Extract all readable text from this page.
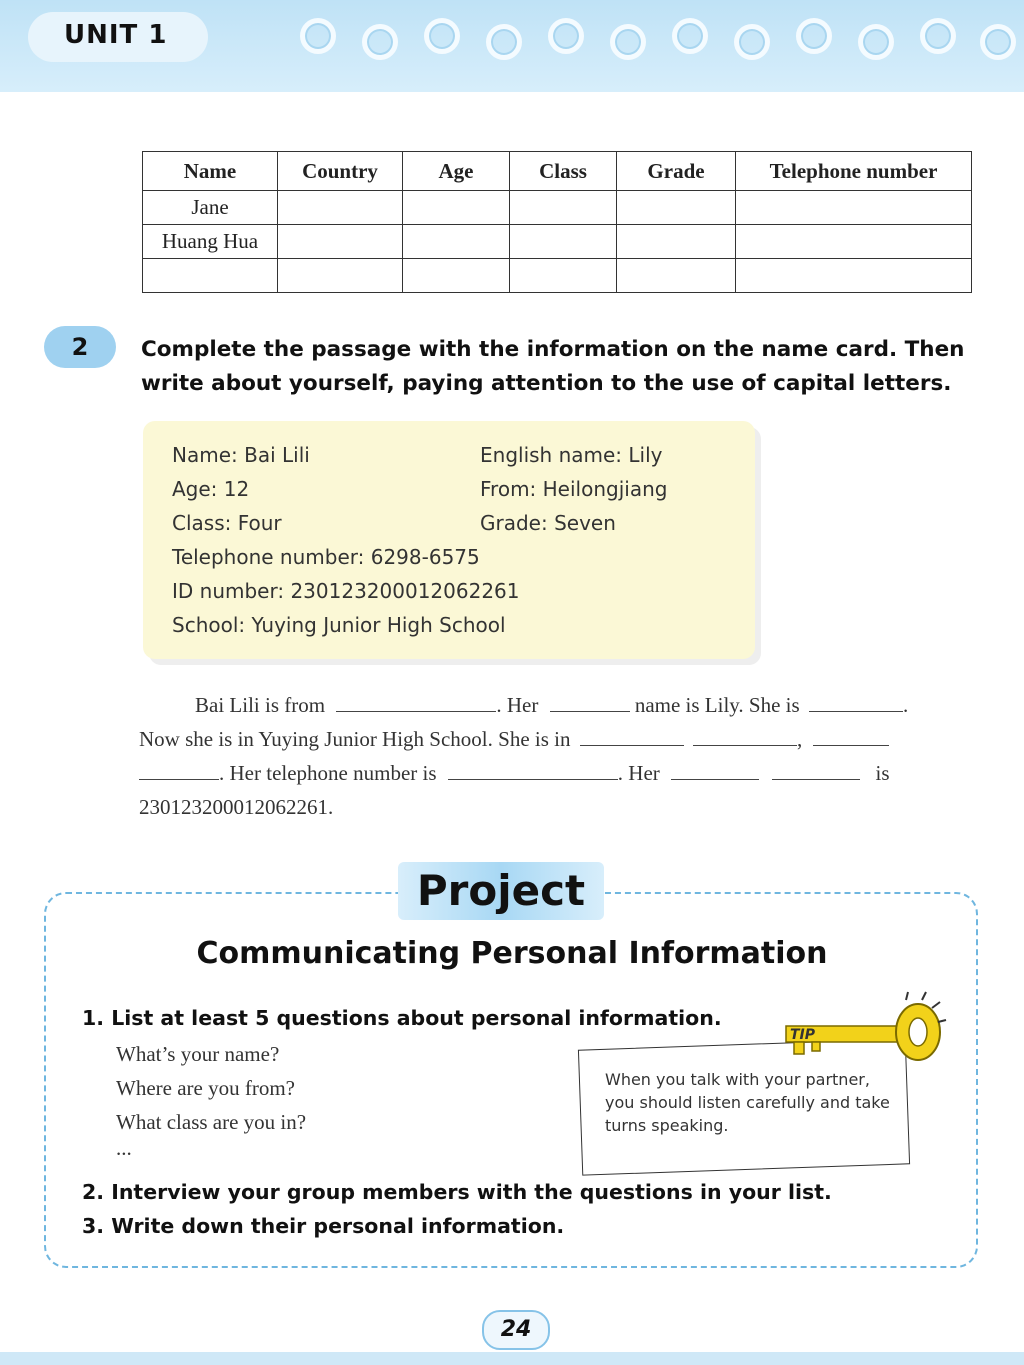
UNIT 1
Name	Country	Age	Class	Grade	Telephone number
Jane					
Huang Hua					

2	Complete the passage with the information on the name card. Then write about yourself, paying attention to the use of capital letters.
Name: Bai Lili	English name: Lily
Age: 12	From: Heilongjiang
Class: Four	Grade: Seven
Telephone number: 6298-6575
ID number: 230123200012062261
School: Yuying Junior High School
Bai Lili is from	. Her	name is Lily. She is	.
Now she is in Yuying Junior High School. She is in	,
. Her telephone number is	. Her	is
230123200012062261.
Project
Communicating Personal Information
1. List at least 5 questions about personal information.
What’s your name?
Where are you from?
What class are you in?
...
When you talk with your partner, you should listen carefully and take turns speaking.
TIP
2. Interview your group members with the questions in your list.
3. Write down their personal information.
24
